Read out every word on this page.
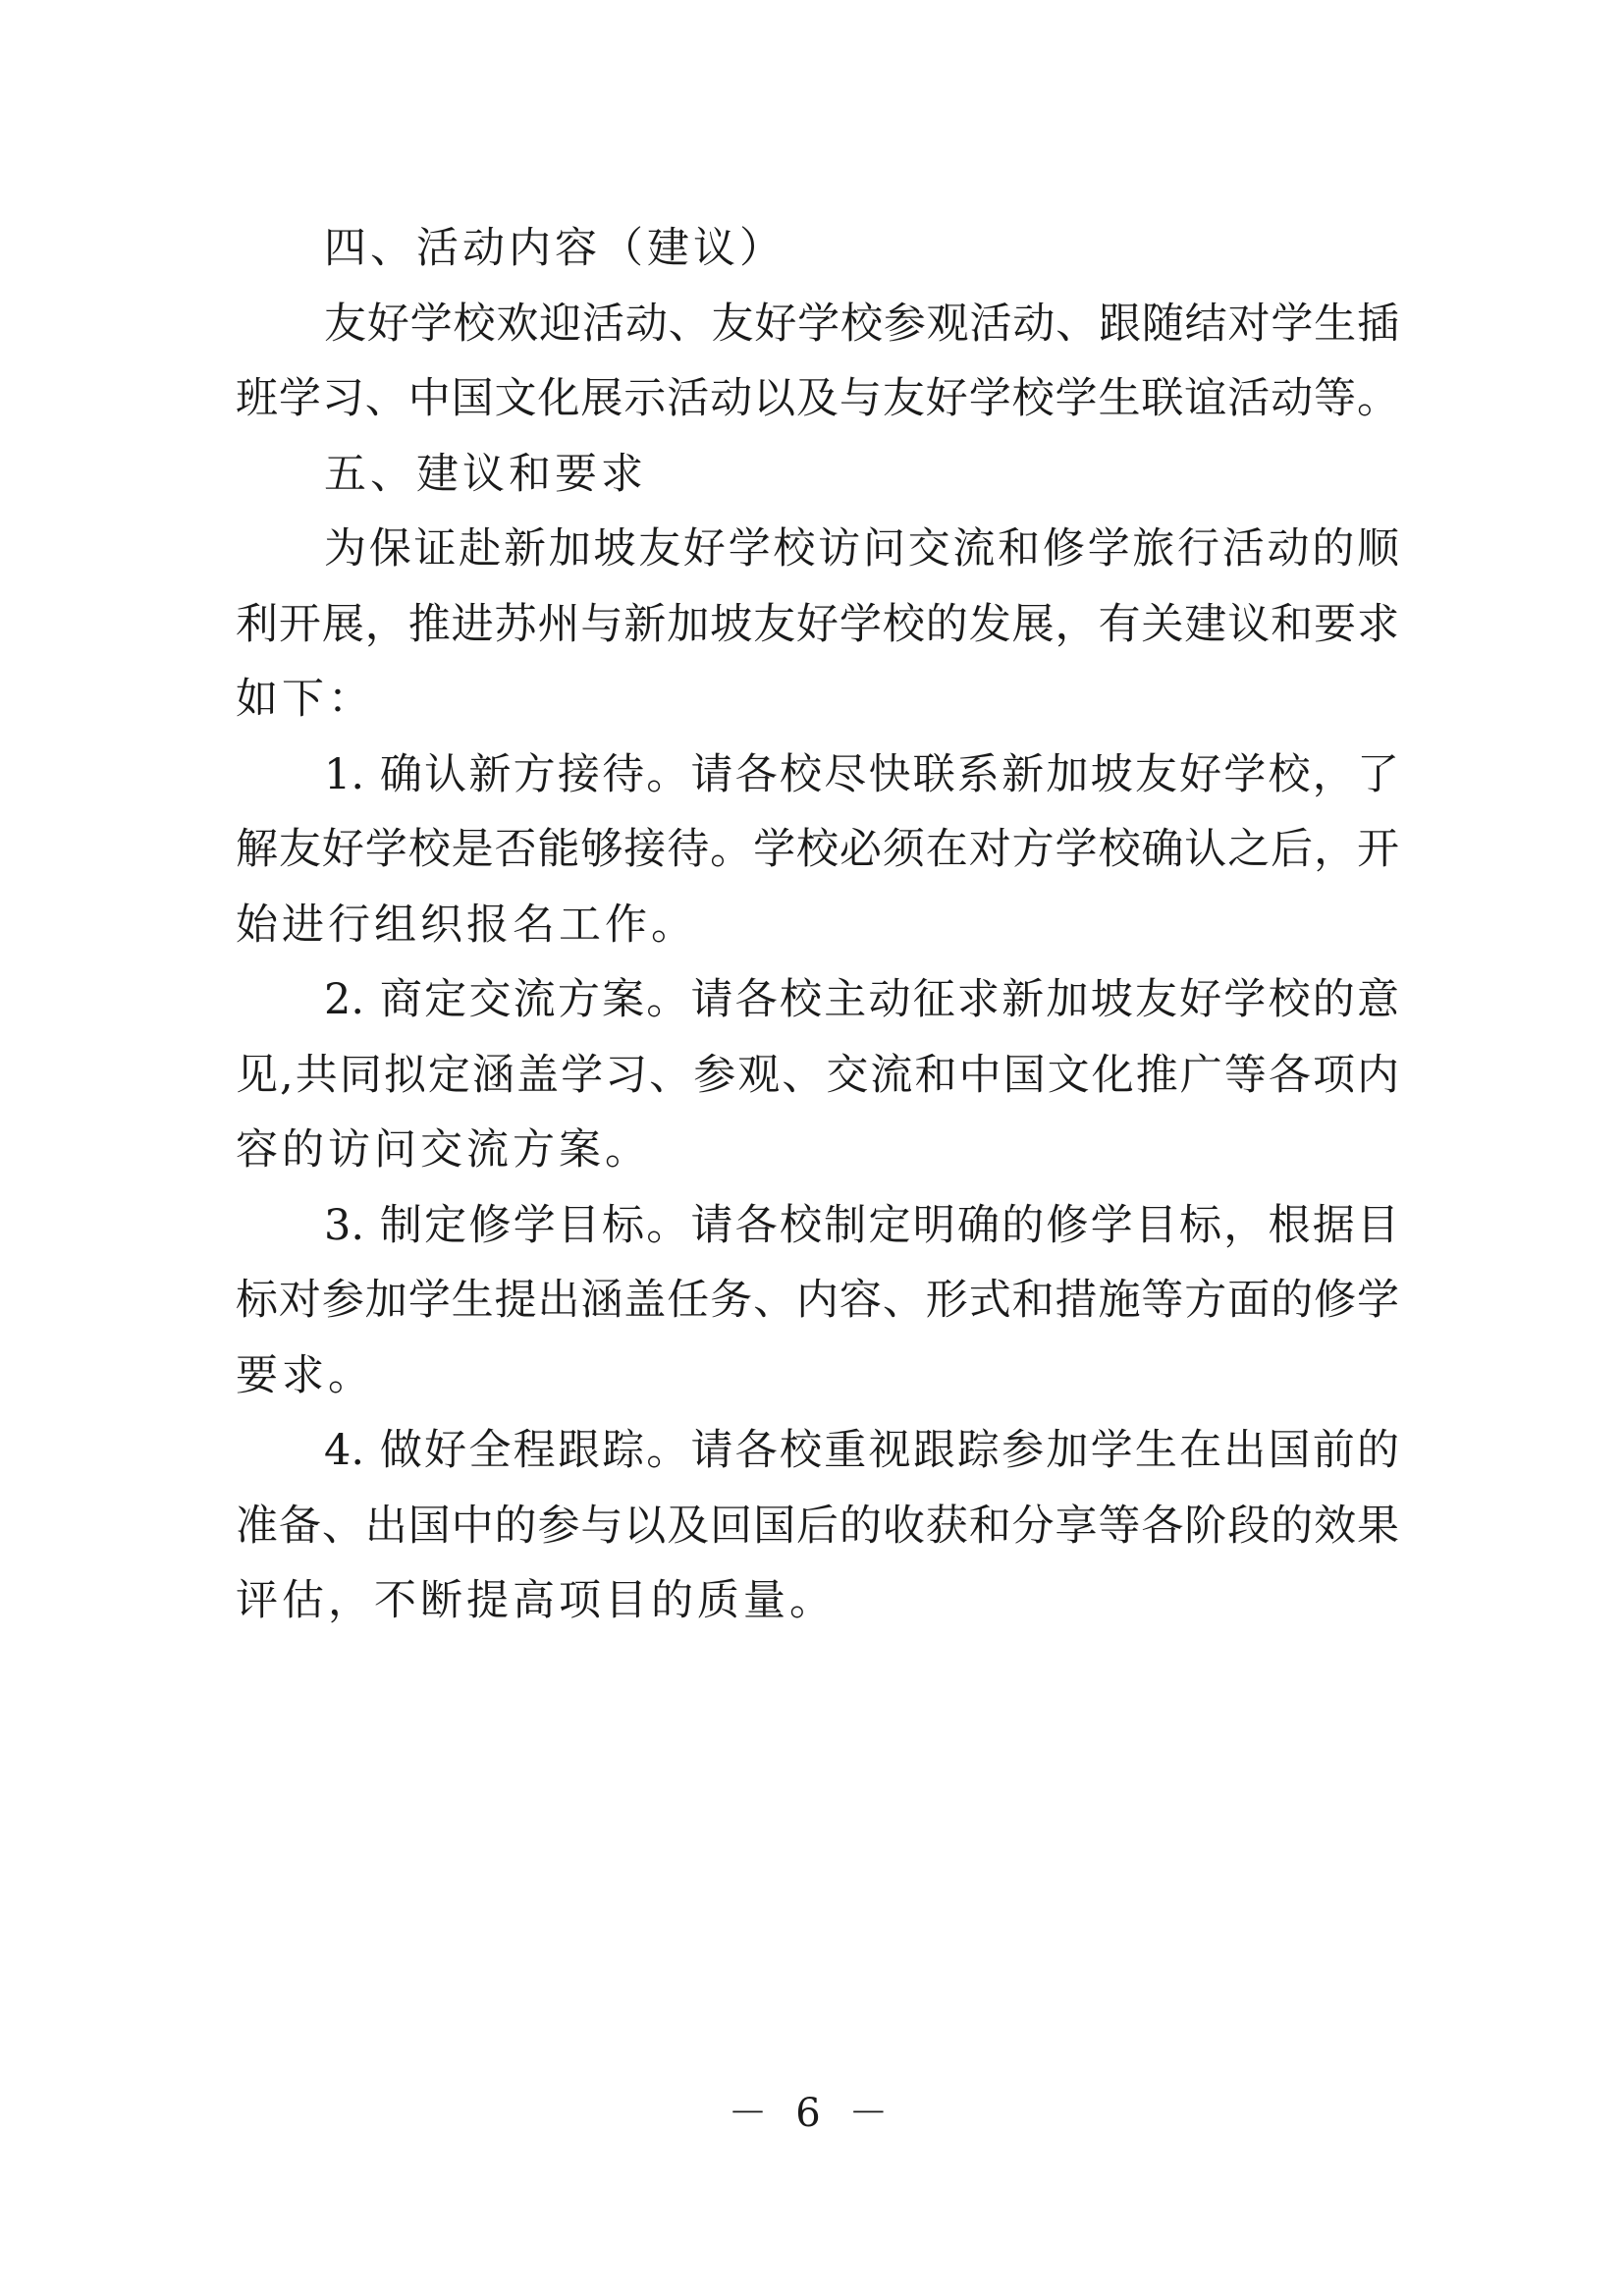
四、活动内容（建议）
友好学校欢迎活动、友好学校参观活动、跟随结对学生插
班学习、中国文化展示活动以及与友好学校学生联谊活动等。
五、建议和要求
为保证赴新加坡友好学校访问交流和修学旅行活动的顺
利开展，推进苏州与新加坡友好学校的发展，有关建议和要求
如下：
1. 确认新方接待。请各校尽快联系新加坡友好学校，了
解友好学校是否能够接待。学校必须在对方学校确认之后，开
始进行组织报名工作。
2. 商定交流方案。请各校主动征求新加坡友好学校的意
见,共同拟定涵盖学习、参观、交流和中国文化推广等各项内
容的访问交流方案。
3. 制定修学目标。请各校制定明确的修学目标，根据目
标对参加学生提出涵盖任务、内容、形式和措施等方面的修学
要求。
4. 做好全程跟踪。请各校重视跟踪参加学生在出国前的
准备、出国中的参与以及回国后的收获和分享等各阶段的效果
评估，不断提高项目的质量。
－ 6 －
